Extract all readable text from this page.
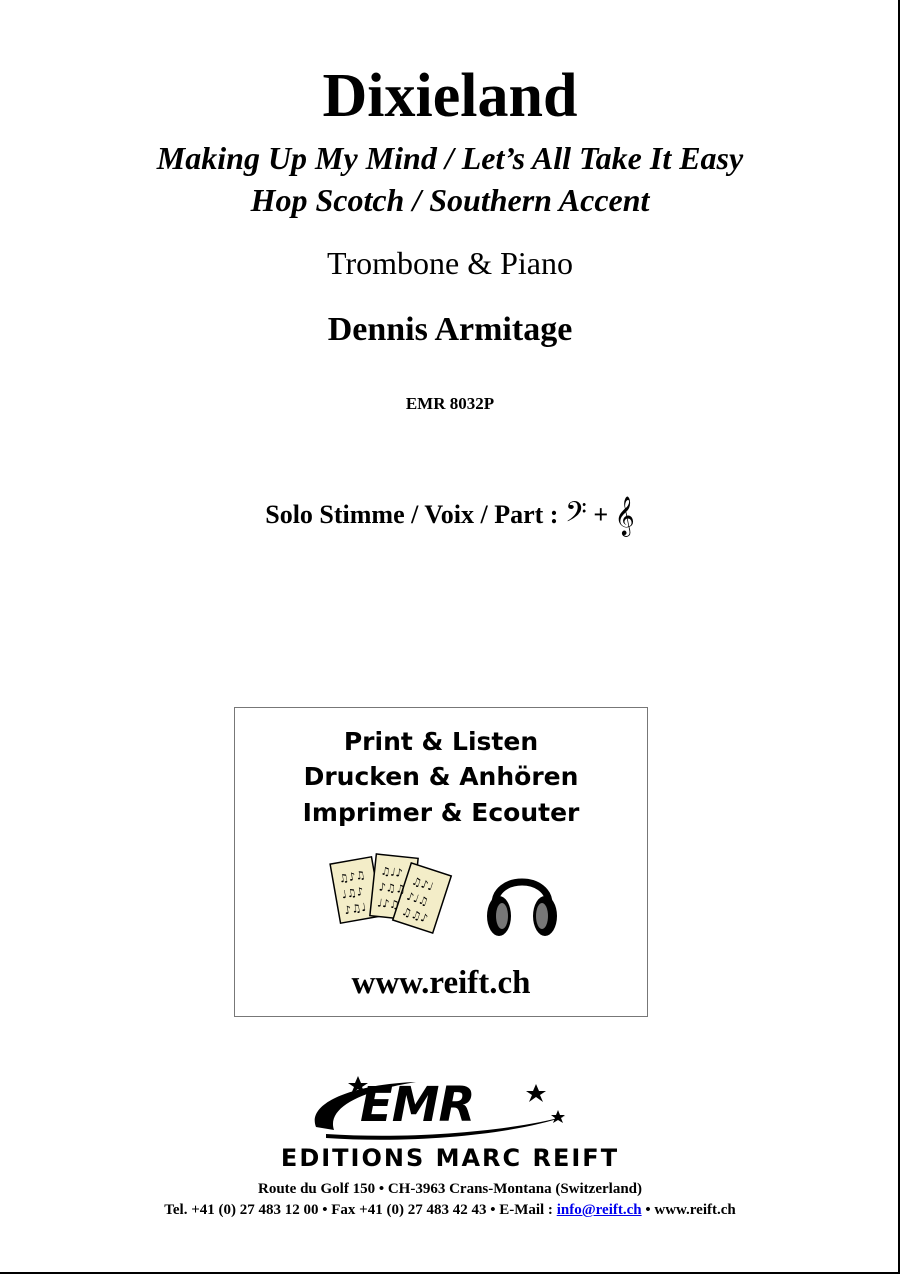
Dixieland
Making Up My Mind / Let’s All Take It Easy
Hop Scotch / Southern Accent
Trombone & Piano
Dennis Armitage
EMR 8032P
Solo Stimme / Voix / Part : 𝄢 + 𝄞
Print & Listen
Drucken & Anhören
Imprimer & Ecouter
♫♪♫
♩♫♪
♪♫♩
♫♩♪
♪♫♫
♩♪♫
♫♪♩
♪♩♫
♫♫♪
www.reift.ch
EMR
EDITIONS MARC REIFT
Route du Golf 150 • CH-3963 Crans-Montana (Switzerland)
Tel. +41 (0) 27 483 12 00 • Fax +41 (0) 27 483 42 43 • E-Mail : info@reift.ch • www.reift.ch
